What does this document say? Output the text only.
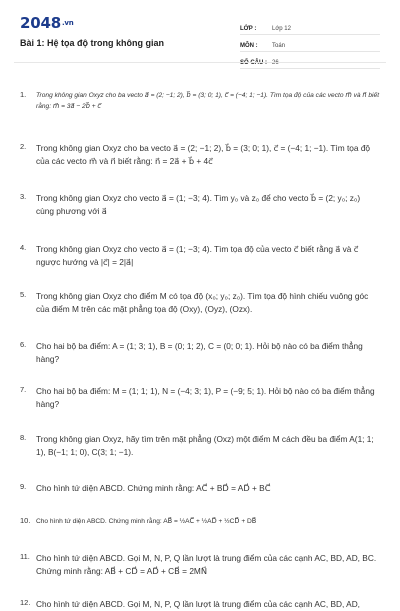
$2048^{.vn}$
Bài 1: Hệ tọa độ trong không gian
LỚP :	Lớp 12
MÔN :	Toán
SỐ CÂU : 26
1.	Trong không gian Oxyz cho ba vecto a⃗ = (2; −1; 2), b⃗ = (3; 0; 1), c⃗ = (−4; 1; −1). Tìm tọa độ của các vecto m⃗ và n⃗ biết rằng: m⃗ = 3a⃗ − 2b⃗ + c⃗
2.	Trong không gian Oxyz cho ba vecto a⃗ = (2; −1; 2), b⃗ = (3; 0; 1), c⃗ = (−4; 1; −1). Tìm tọa độ của các vecto m⃗ và n⃗ biết rằng: n⃗ = 2a⃗ + b⃗ + 4c⃗
3.	Trong không gian Oxyz cho vecto a⃗ = (1; −3; 4). Tìm y₀ và z₀ để cho vecto b⃗ = (2; y₀; z₀) cùng phương với a⃗
4.	Trong không gian Oxyz cho vecto a⃗ = (1; −3; 4). Tìm tọa độ của vecto c⃗ biết rằng a⃗ và c⃗ ngược hướng và |c⃗| = 2|a⃗|
5.	Trong không gian Oxyz cho điểm M có tọa độ (x₀; y₀; z₀). Tìm tọa độ hình chiếu vuông góc của điểm M trên các mặt phẳng tọa độ (Oxy), (Oyz), (Ozx).
6.	Cho hai bộ ba điểm: A = (1; 3; 1), B = (0; 1; 2), C = (0; 0; 1). Hỏi bộ nào có ba điểm thẳng hàng?
7.	Cho hai bộ ba điểm: M = (1; 1; 1), N = (−4; 3; 1), P = (−9; 5; 1). Hỏi bộ nào có ba điểm thẳng hàng?
8.	Trong không gian Oxyz, hãy tìm trên mặt phẳng (Oxz) một điểm M cách đều ba điểm A(1; 1; 1), B(−1; 1; 0), C(3; 1; −1).
9.	Cho hình tứ diện ABCD. Chứng minh rằng: AC⃗ + BD⃗ = AD⃗ + BC⃗
10. Cho hình tứ diện ABCD. Chứng minh rằng: AB⃗ = ½AC⃗ + ½AD⃗ + ½CD⃗ + DB⃗
11. Cho hình tứ diện ABCD. Gọi M, N, P, Q lần lượt là trung điểm của các cạnh AC, BD, AD, BC. Chứng minh rằng: AB⃗ + CD⃗ = AD⃗ + CB⃗ = 2MN⃗
12. Cho hình tứ diện ABCD. Gọi M, N, P, Q lần lượt là trung điểm của các cạnh AC, BD, AD,
